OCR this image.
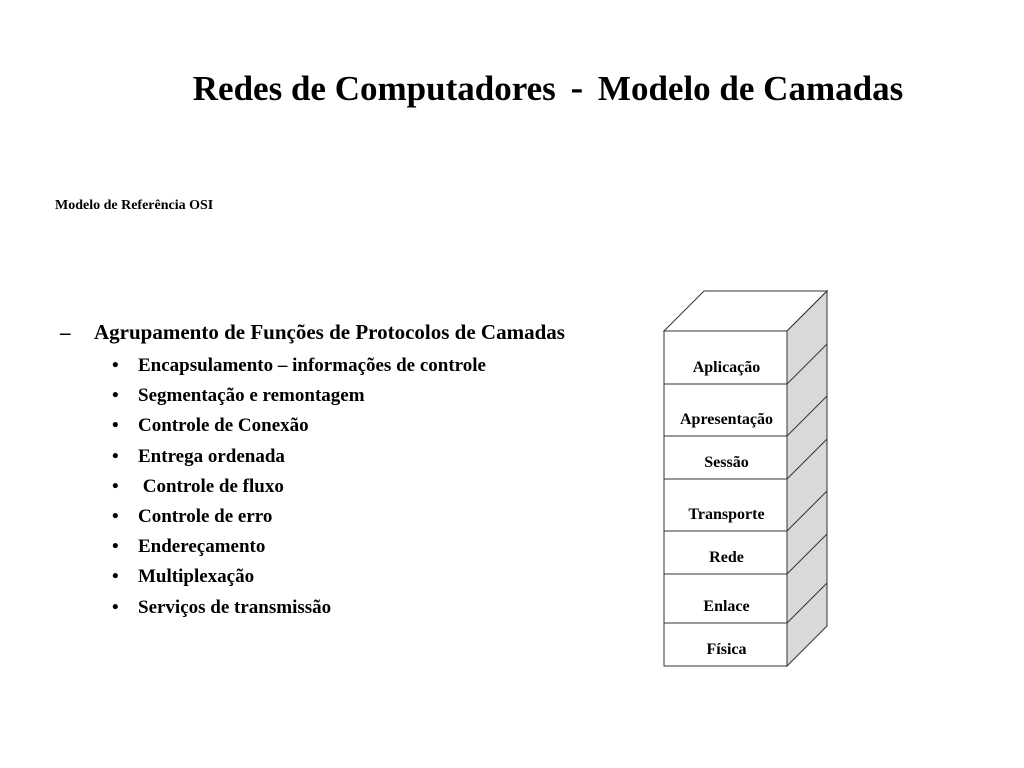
Redes de Computadores - Modelo de Camadas
Modelo de Referência OSI
– Agrupamento de Funções de Protocolos de Camadas
• Encapsulamento – informações de controle
• Segmentação e remontagem
• Controle de Conexão
• Entrega ordenada
• Controle de fluxo
• Controle de erro
• Endereçamento
• Multiplexação
• Serviços de transmissão
Aplicação
Apresentação
Sessão
Transporte
Rede
Enlace
Física
